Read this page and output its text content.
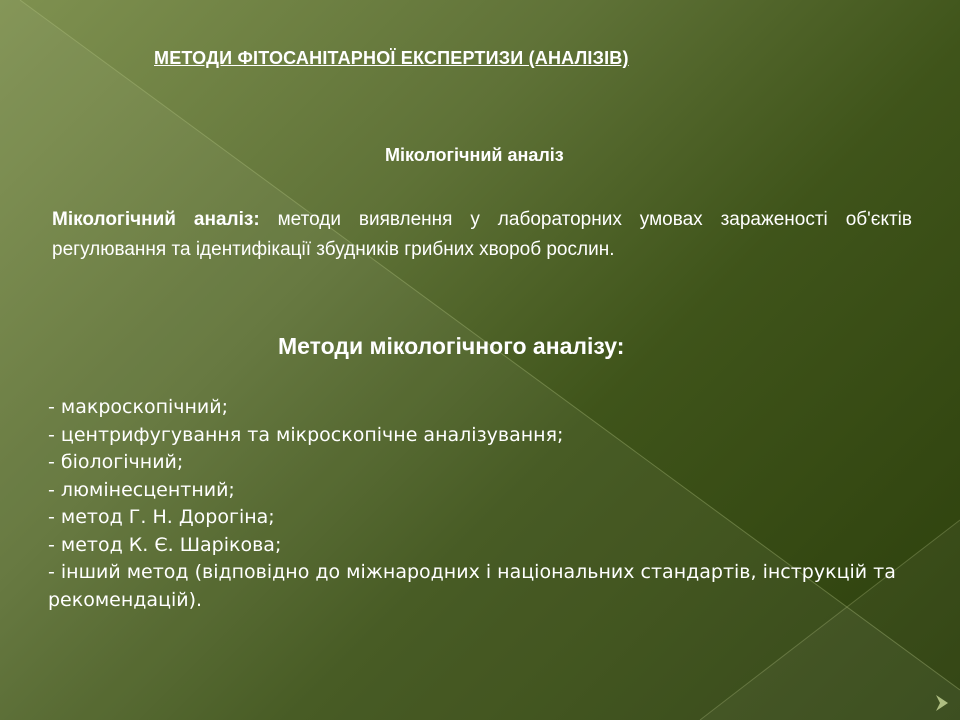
МЕТОДИ ФІТОСАНІТАРНОЇ ЕКСПЕРТИЗИ (АНАЛІЗІВ)
Мікологічний аналіз

Мікологічний аналіз: методи виявлення у лабораторних умовах зараженості об'єктів регулювання та ідентифікації збудників грибних хвороб рослин.

Методи мікологічного аналізу:
- макроскопічний;
- центрифугування та мікроскопічне аналізування;
- біологічний;
- люмінесцентний;
- метод Г. Н. Дорогіна;
- метод К. Є. Шарікова;
- інший метод (відповідно до міжнародних і національних стандартів, інструкцій та рекомендацій).
